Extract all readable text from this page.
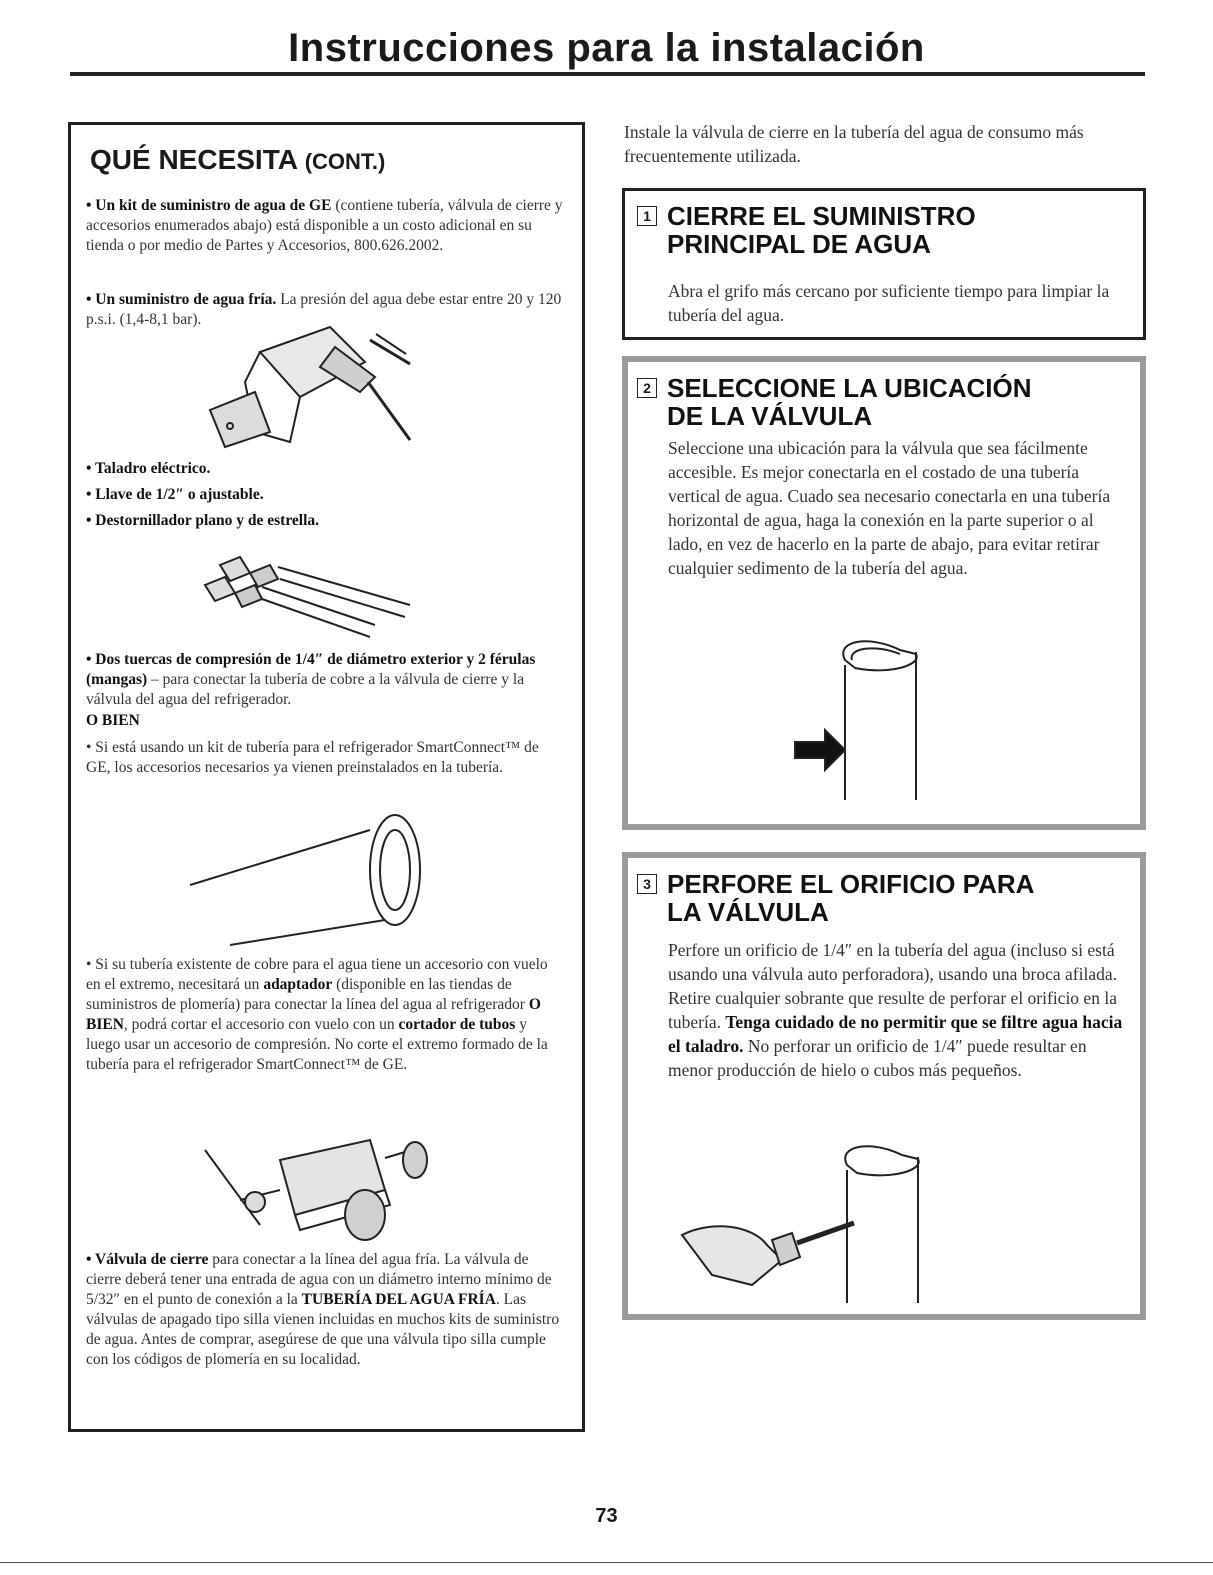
Instrucciones para la instalación
QUÉ NECESITA (CONT.)

• Un kit de suministro de agua de GE (contiene tubería, válvula de cierre y accesorios enumerados abajo) está disponible a un costo adicional en su tienda o por medio de Partes y Accesorios, 800.626.2002.

• Un suministro de agua fría. La presión del agua debe estar entre 20 y 120 p.s.i. (1,4-8,1 bar).

• Taladro eléctrico.

• Llave de 1/2″ o ajustable.

• Destornillador plano y de estrella.

• Dos tuercas de compresión de 1/4″ de diámetro exterior y 2 férulas (mangas) – para conectar la tubería de cobre a la válvula de cierre y la válvula del agua del refrigerador.

O BIEN

• Si está usando un kit de tubería para el refrigerador SmartConnect™ de GE, los accesorios necesarios ya vienen preinstalados en la tubería.

• Si su tubería existente de cobre para el agua tiene un accesorio con vuelo en el extremo, necesitará un adaptador (disponible en las tiendas de suministros de plomería) para conectar la línea del agua al refrigerador O BIEN, podrá cortar el accesorio con vuelo con un cortador de tubos y luego usar un accesorio de compresión. No corte el extremo formado de la tubería para el refrigerador SmartConnect™ de GE.

• Válvula de cierre para conectar a la línea del agua fría. La válvula de cierre deberá tener una entrada de agua con un diámetro interno mínimo de 5/32″ en el punto de conexión a la TUBERÍA DEL AGUA FRÍA. Las válvulas de apagado tipo silla vienen incluidas en muchos kits de suministro de agua. Antes de comprar, asegúrese de que una válvula tipo silla cumple con los códigos de plomería en su localidad.

Instale la válvula de cierre en la tubería del agua de consumo más frecuentemente utilizada.

1 CIERRE EL SUMINISTRO
PRINCIPAL DE AGUA

Abra el grifo más cercano por suficiente tiempo para limpiar la tubería del agua.

2 SELECCIONE LA UBICACIÓN
DE LA VÁLVULA

Seleccione una ubicación para la válvula que sea fácilmente accesible. Es mejor conectarla en el costado de una tubería vertical de agua. Cuado sea necesario conectarla en una tubería horizontal de agua, haga la conexión en la parte superior o al lado, en vez de hacerlo en la parte de abajo, para evitar retirar cualquier sedimento de la tubería del agua.

3 PERFORE EL ORIFICIO PARA
LA VÁLVULA

Perfore un orificio de 1/4″ en la tubería del agua (incluso si está usando una válvula auto perforadora), usando una broca afilada. Retire cualquier sobrante que resulte de perforar el orificio en la tubería. Tenga cuidado de no permitir que se filtre agua hacia el taladro. No perforar un orificio de 1/4″ puede resultar en menor producción de hielo o cubos más pequeños.

73
